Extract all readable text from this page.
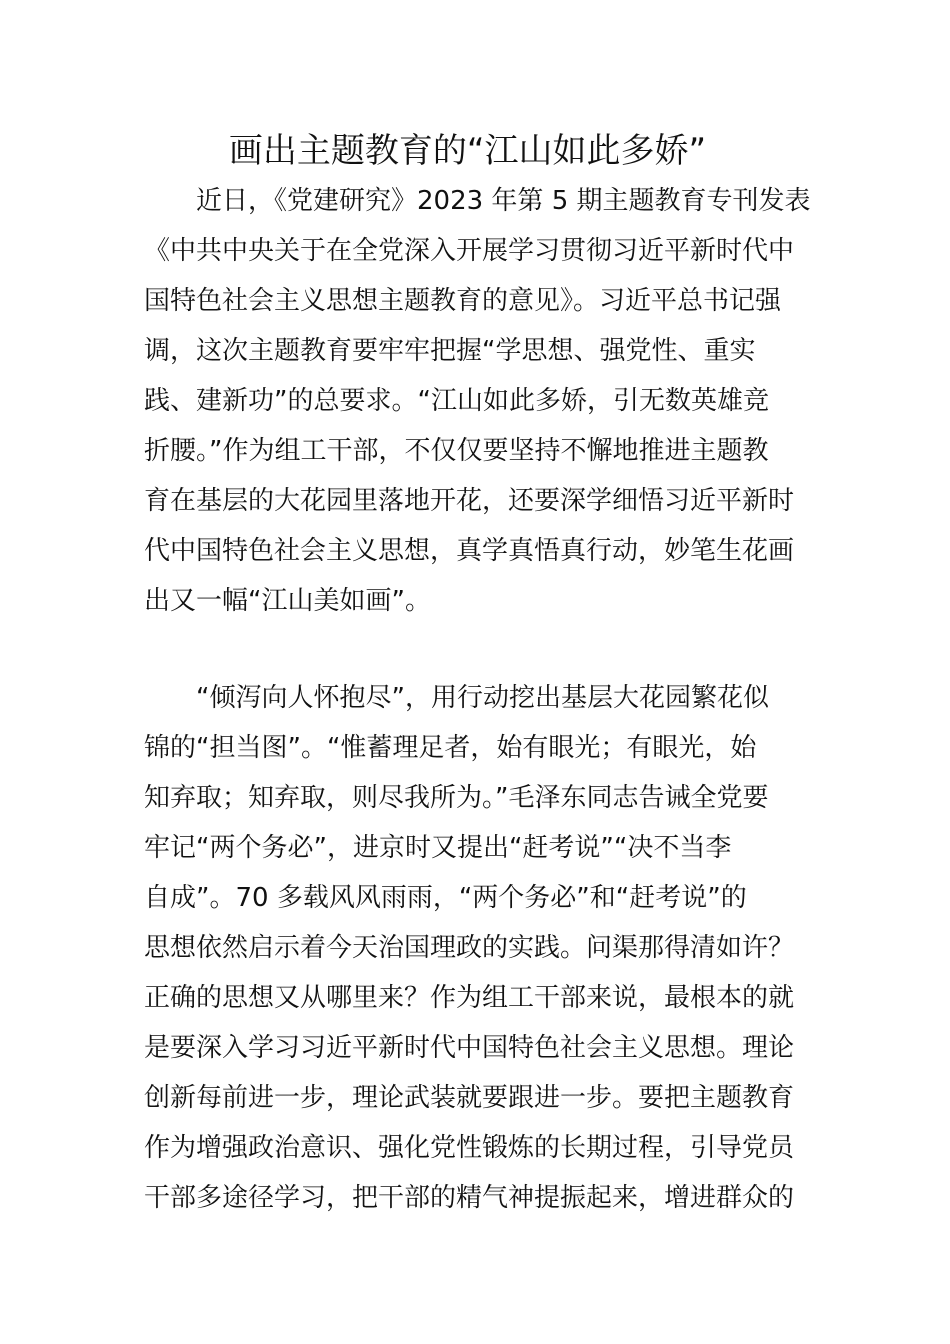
画出主题教育的“江山如此多娇”
近日，《党建研究》2023 年第 5 期主题教育专刊发表
《中共中央关于在全党深入开展学习贯彻习近平新时代中
国特色社会主义思想主题教育的意见》。习近平总书记强
调，这次主题教育要牢牢把握“学思想、强党性、重实
践、建新功”的总要求。“江山如此多娇，引无数英雄竞
折腰。”作为组工干部，不仅仅要坚持不懈地推进主题教
育在基层的大花园里落地开花，还要深学细悟习近平新时
代中国特色社会主义思想，真学真悟真行动，妙笔生花画
出又一幅“江山美如画”。
“倾泻向人怀抱尽”，用行动挖出基层大花园繁花似
锦的“担当图”。“惟蓄理足者，始有眼光；有眼光，始
知弃取；知弃取，则尽我所为。”毛泽东同志告诫全党要
牢记“两个务必”，进京时又提出“赶考说”“决不当李
自成”。70 多载风风雨雨，“两个务必”和“赶考说”的
思想依然启示着今天治国理政的实践。问渠那得清如许？
正确的思想又从哪里来？作为组工干部来说，最根本的就
是要深入学习习近平新时代中国特色社会主义思想。理论
创新每前进一步，理论武装就要跟进一步。要把主题教育
作为增强政治意识、强化党性锻炼的长期过程，引导党员
干部多途径学习，把干部的精气神提振起来，增进群众的
